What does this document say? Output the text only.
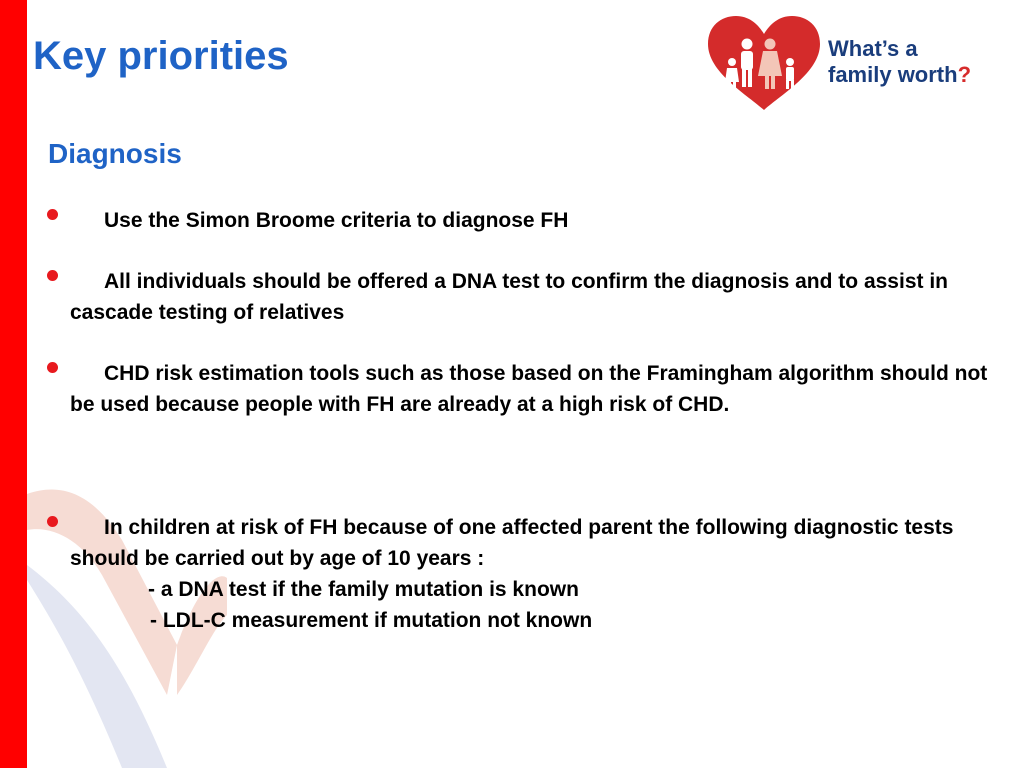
Key priorities	What’s a
family worth?
Diagnosis
Use the Simon Broome criteria to diagnose FH
All individuals should be offered a DNA test to confirm the diagnosis and to assist in cascade testing of relatives
CHD risk estimation tools such as those based on the Framingham algorithm should not be used because people with FH are already at a high risk of CHD.
In children at risk of FH because of one affected parent the following diagnostic tests should be carried out by age of 10 years :
- a DNA test if the family mutation is known
- LDL-C measurement if mutation not known
